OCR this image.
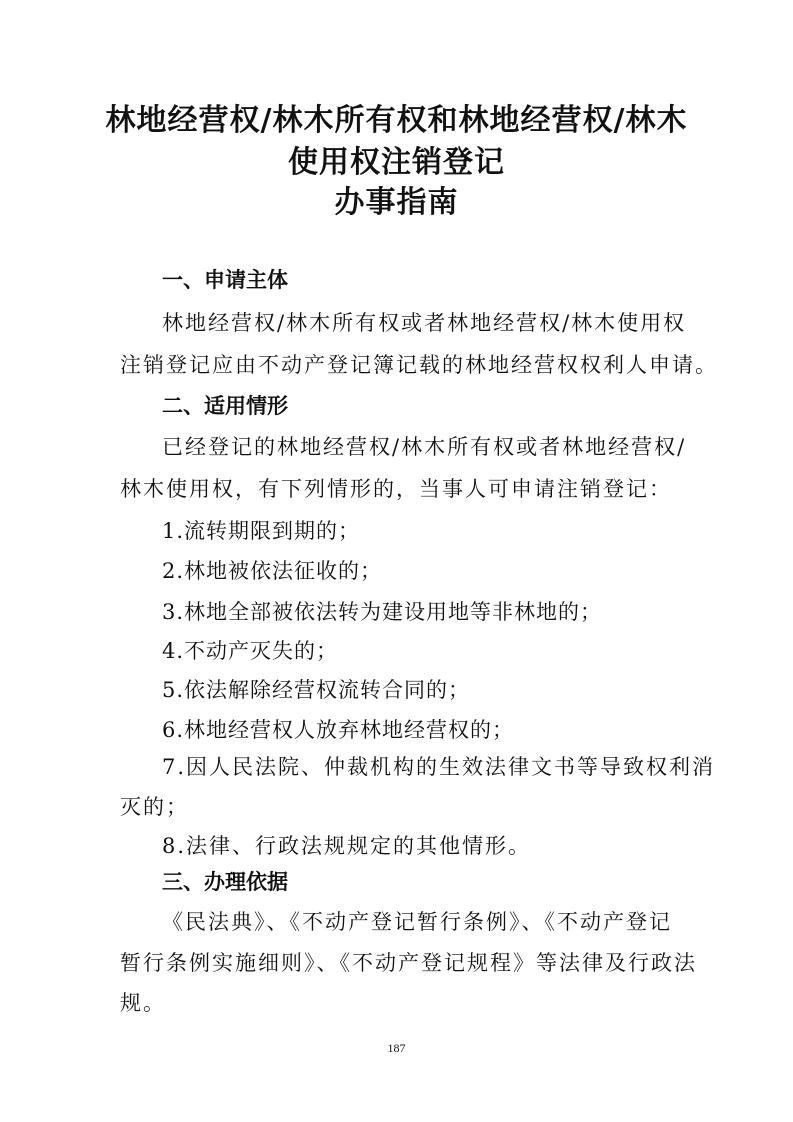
林地经营权/林木所有权和林地经营权/林木
使用权注销登记
办事指南
一、申请主体

林地经营权/林木所有权或者林地经营权/林木使用权

注销登记应由不动产登记簿记载的林地经营权权利人申请。

二、适用情形

已经登记的林地经营权/林木所有权或者林地经营权/

林木使用权，有下列情形的，当事人可申请注销登记：

1.流转期限到期的；

2.林地被依法征收的；

3.林地全部被依法转为建设用地等非林地的；

4.不动产灭失的；

5.依法解除经营权流转合同的；

6.林地经营权人放弃林地经营权的；

7.因人民法院、仲裁机构的生效法律文书等导致权利消

灭的；

8.法律、行政法规规定的其他情形。

三、办理依据

《民法典》、《不动产登记暂行条例》、《不动产登记

暂行条例实施细则》、《不动产登记规程》等法律及行政法

规。

187
